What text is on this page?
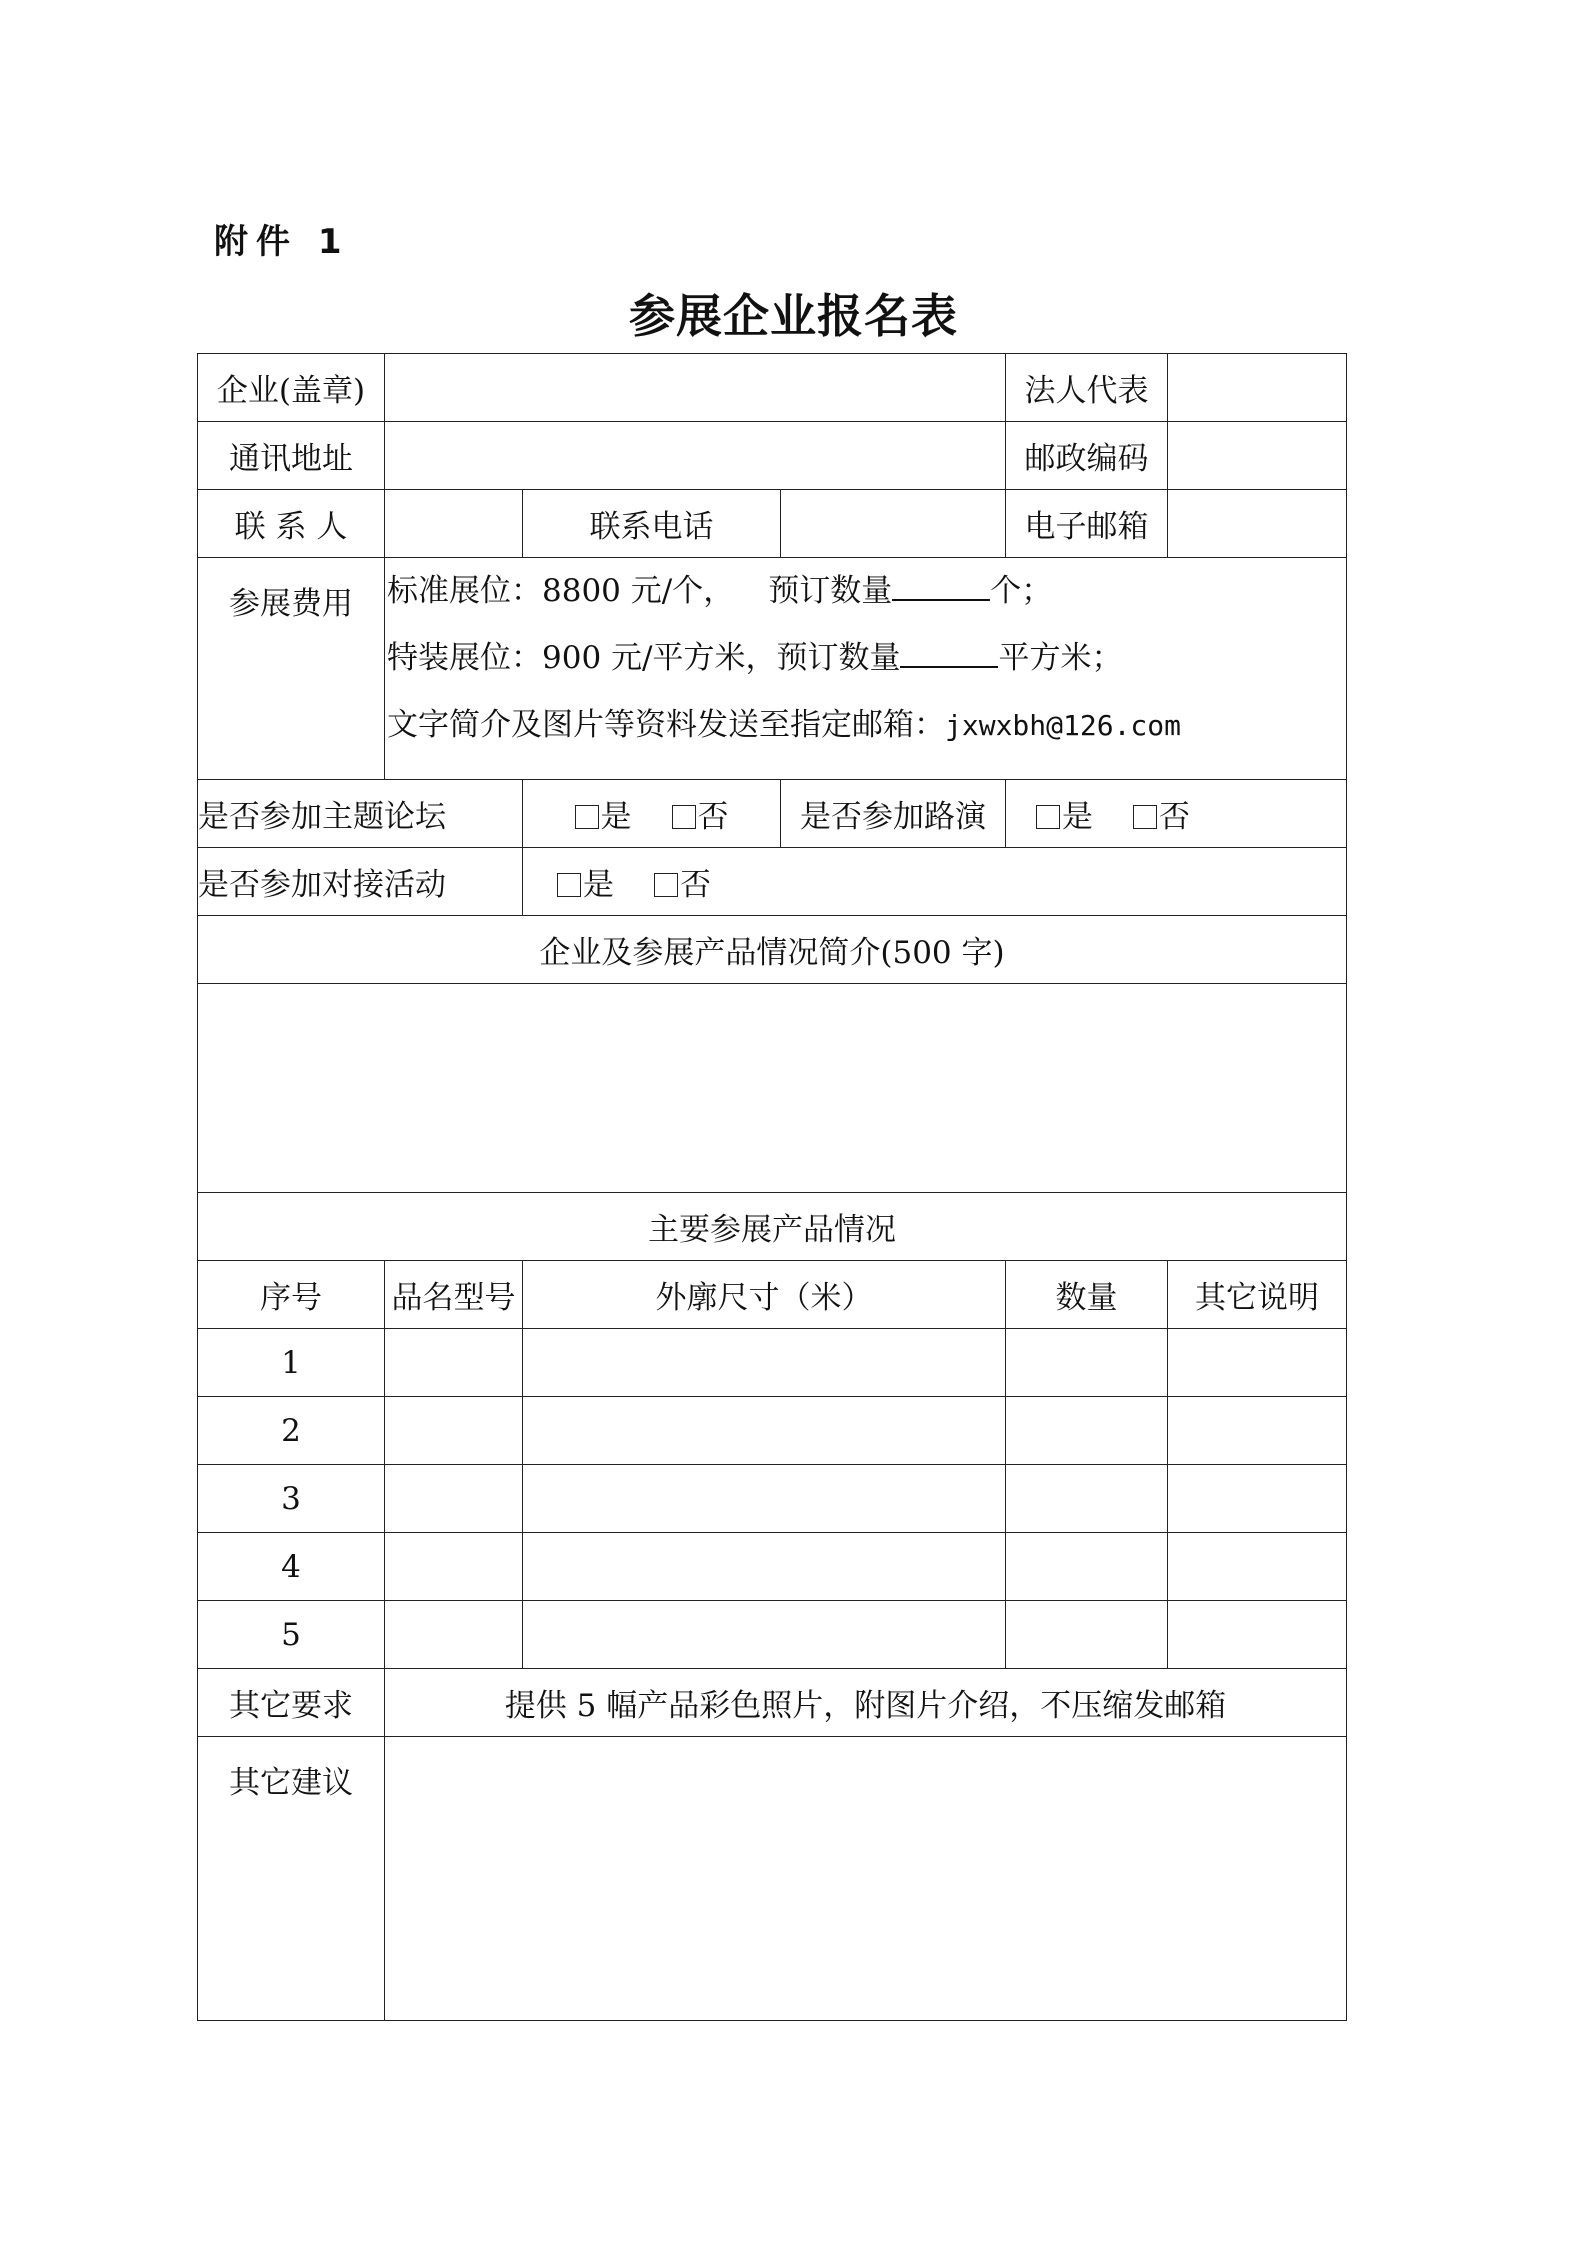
附件 1
参展企业报名表
企业(盖章)				法人代表	
通讯地址				邮政编码	
联 系 人		联系电话		电子邮箱	
参展费用	标准展位：8800 元/个， 预订数量 个；
特装展位：900 元/平方米，预订数量 平方米；
文字简介及图片等资料发送至指定邮箱：jxwxbh@126.com				

是否参加主题论坛		是 否	是否参加路演	是 否	
是否参加对接活动		是 否			
企业及参展产品情况简介(500 字)					

主要参展产品情况					
序号	品名型号	外廓尺寸（米）		数量	其它说明
1					
2					
3					
4					
5					
其它要求	提供 5 幅产品彩色照片，附图片介绍，不压缩发邮箱				
其它建议					
